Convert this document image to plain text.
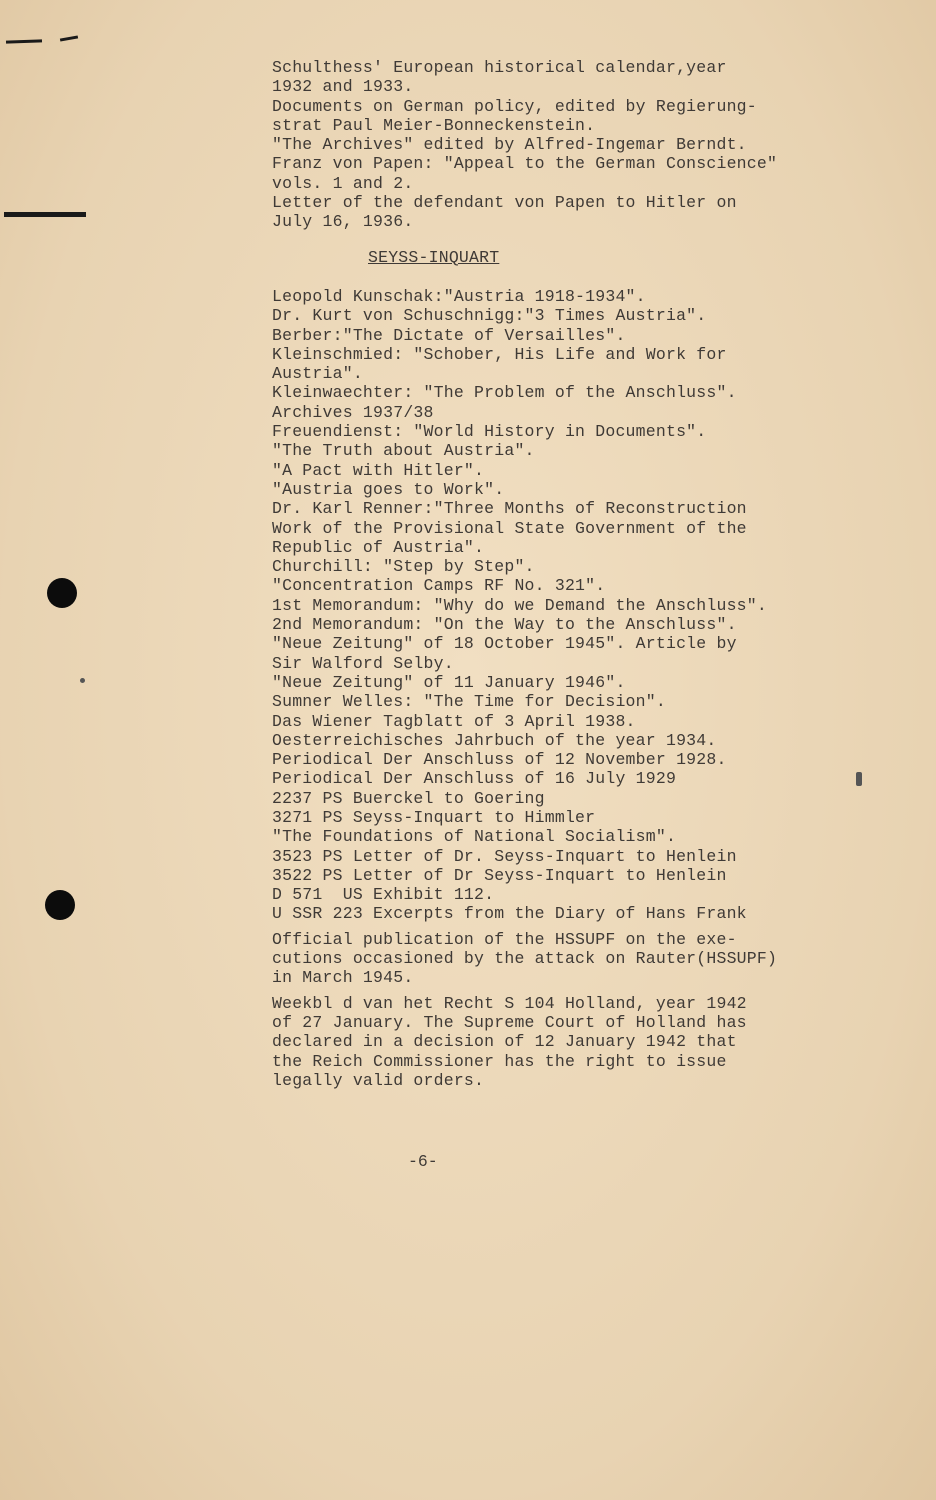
Schulthess' European historical calendar,year

1932 and 1933.

Documents on German policy, edited by Regierung-

strat Paul Meier-Bonneckenstein.

"The Archives" edited by Alfred-Ingemar Berndt.

Franz von Papen: "Appeal to the German Conscience"

vols. 1 and 2.

Letter of the defendant von Papen to Hitler on

July 16, 1936.

SEYSS-INQUART

Leopold Kunschak:"Austria 1918-1934".

Dr. Kurt von Schuschnigg:"3 Times Austria".

Berber:"The Dictate of Versailles".

Kleinschmied: "Schober, His Life and Work for

Austria".

Kleinwaechter: "The Problem of the Anschluss".

Archives 1937/38

Freuendienst: "World History in Documents".

"The Truth about Austria".

"A Pact with Hitler".

"Austria goes to Work".

Dr. Karl Renner:"Three Months of Reconstruction

Work of the Provisional State Government of the

Republic of Austria".

Churchill: "Step by Step".

"Concentration Camps RF No. 321".

1st Memorandum: "Why do we Demand the Anschluss".

2nd Memorandum: "On the Way to the Anschluss".

"Neue Zeitung" of 18 October 1945". Article by

Sir Walford Selby.

"Neue Zeitung" of 11 January 1946".

Sumner Welles: "The Time for Decision".

Das Wiener Tagblatt of 3 April 1938.

Oesterreichisches Jahrbuch of the year 1934.

Periodical Der Anschluss of 12 November 1928.

Periodical Der Anschluss of 16 July 1929

2237 PS Buerckel to Goering

3271 PS Seyss-Inquart to Himmler

"The Foundations of National Socialism".

3523 PS Letter of Dr. Seyss-Inquart to Henlein

3522 PS Letter of Dr Seyss-Inquart to Henlein

D 571  US Exhibit 112.

U SSR 223 Excerpts from the Diary of Hans Frank

Official publication of the HSSUPF on the exe-

cutions occasioned by the attack on Rauter(HSSUPF)

in March 1945.

Weekbl d van het Recht S 104 Holland, year 1942

of 27 January. The Supreme Court of Holland has

declared in a decision of 12 January 1942 that

the Reich Commissioner has the right to issue

legally valid orders.

-6-
